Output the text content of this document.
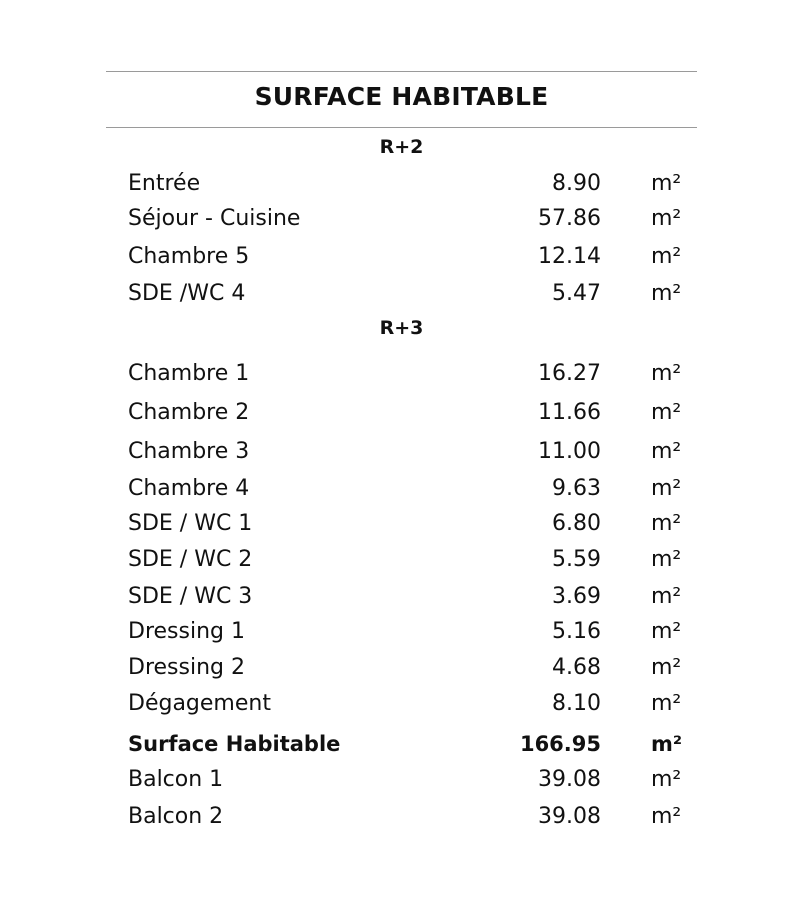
SURFACE HABITABLE
R+2
Entrée	8.90 m²
Séjour - Cuisine	57.86 m²
Chambre 5	12.14 m²
SDE /WC 4	5.47 m²
R+3
Chambre 1	16.27 m²
Chambre 2	11.66 m²
Chambre 3	11.00 m²
Chambre 4	9.63 m²
SDE / WC 1	6.80 m²
SDE / WC 2	5.59 m²
SDE / WC 3	3.69 m²
Dressing 1	5.16 m²
Dressing 2	4.68 m²
Dégagement	8.10 m²
Surface Habitable	166.95 m²
Balcon 1	39.08 m²
Balcon 2	39.08 m²
